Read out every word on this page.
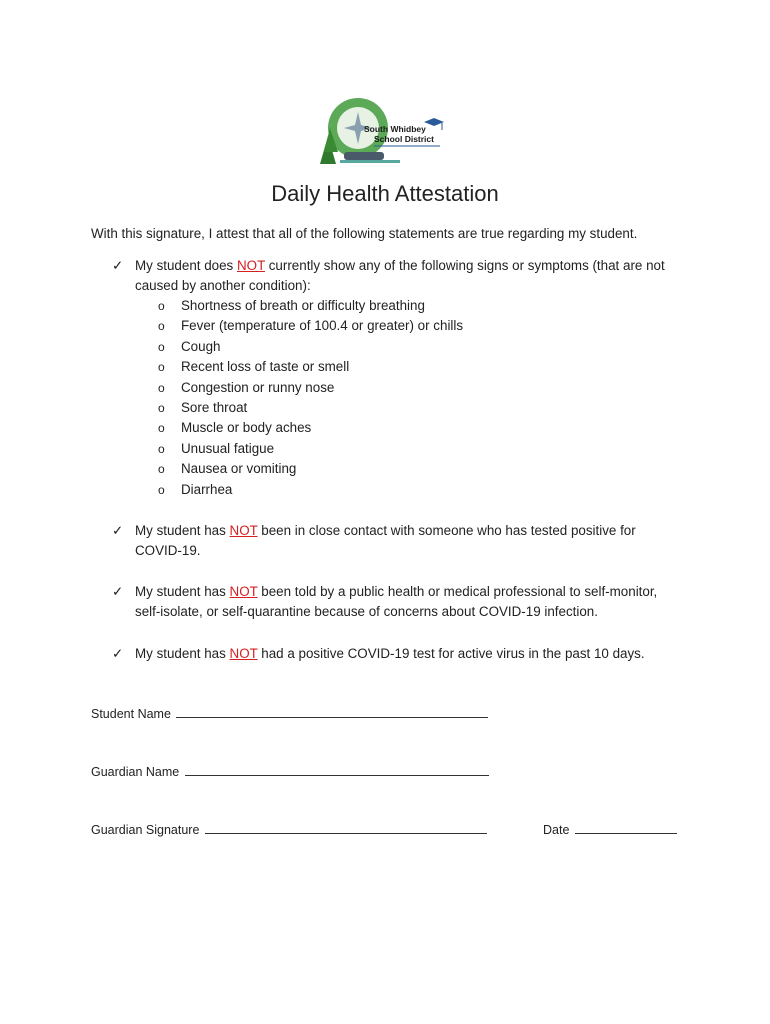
South Whidbey
School District
Daily Health Attestation
With this signature, I attest that all of the following statements are true regarding my student.
✓ My student does NOT currently show any of the following signs or symptoms (that are not caused by another condition):
o Shortness of breath or difficulty breathing
o Fever (temperature of 100.4 or greater) or chills
o Cough
o Recent loss of taste or smell
o Congestion or runny nose
o Sore throat
o Muscle or body aches
o Unusual fatigue
o Nausea or vomiting
o Diarrhea
✓ My student has NOT been in close contact with someone who has tested positive for COVID-19.
✓ My student has NOT been told by a public health or medical professional to self-monitor, self-isolate, or self-quarantine because of concerns about COVID-19 infection.
✓ My student has NOT had a positive COVID-19 test for active virus in the past 10 days.
Student Name
Guardian Name
Guardian Signature	Date
